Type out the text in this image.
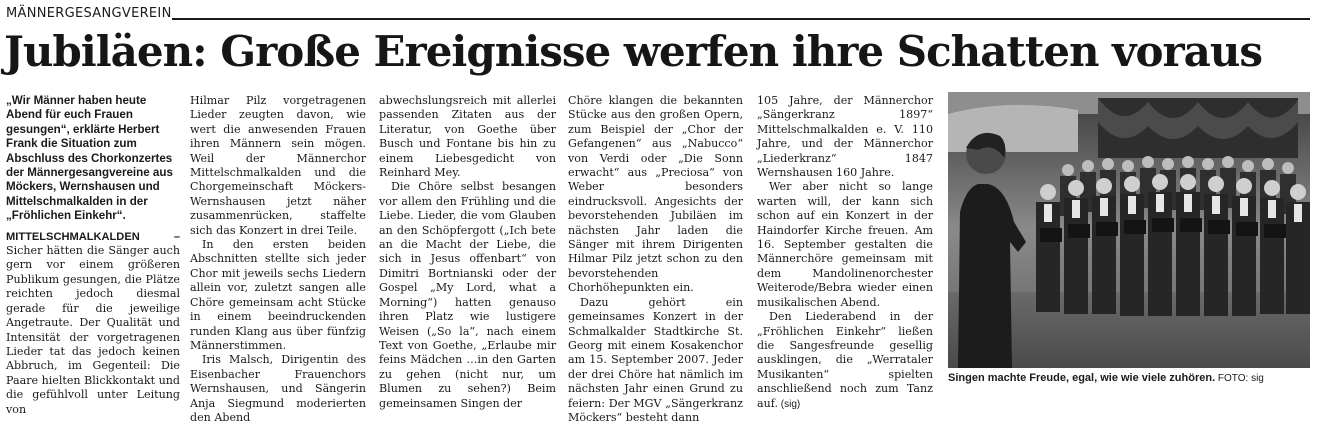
MÄNNERGESANGVEREIN
Jubiläen: Große Ereignisse werfen ihre Schatten voraus

„Wir Männer haben heute Abend für euch Frauen gesungen“, erklärte Herbert Frank die Situation zum Abschluss des Chorkonzertes der Männergesangvereine aus Möckers, Wernshausen und Mittelschmalkalden in der „Fröhlichen Einkehr“.

MITTELSCHMALKALDEN – Sicher hätten die Sänger auch gern vor einem größeren Publikum gesungen, die Plätze reichten jedoch diesmal gerade für die jeweilige Angetraute. Der Qualität und Intensität der vorgetragenen Lieder tat das jedoch keinen Abbruch, im Gegenteil: Die Paare hielten Blickkontakt und die gefühlvoll unter Leitung von

Hilmar Pilz vorgetragenen Lieder zeugten davon, wie wert die anwesenden Frauen ihren Männern sein mögen. Weil der Männerchor Mittelschmalkalden und die Chorgemeinschaft Möckers-Wernshausen jetzt näher zusammenrücken, staffelte sich das Konzert in drei Teile.

In den ersten beiden Abschnitten stellte sich jeder Chor mit jeweils sechs Liedern allein vor, zuletzt sangen alle Chöre gemeinsam acht Stücke in einem beeindruckenden runden Klang aus über fünfzig Männerstimmen.

Iris Malsch, Dirigentin des Eisenbacher Frauenchors Wernshausen, und Sängerin Anja Siegmund moderierten den Abend

abwechslungsreich mit allerlei passenden Zitaten aus der Literatur, von Goethe über Busch und Fontane bis hin zu einem Liebesgedicht von Reinhard Mey.

Die Chöre selbst besangen vor allem den Frühling und die Liebe. Lieder, die vom Glauben an den Schöpfergott („Ich bete an die Macht der Liebe, die sich in Jesus offenbart“ von Dimitri Bortnianski oder der Gospel „My Lord, what a Morning“) hatten genauso ihren Platz wie lustigere Weisen („So la“, nach einem Text von Goethe, „Erlaube mir feins Mädchen …in den Garten zu gehen (nicht nur, um Blumen zu sehen?) Beim gemeinsamen Singen der

Chöre klangen die bekannten Stücke aus den großen Opern, zum Beispiel der „Chor der Gefangenen“ aus „Nabucco“ von Verdi oder „Die Sonn erwacht“ aus „Preciosa“ von Weber besonders eindrucksvoll. Angesichts der bevorstehenden Jubiläen im nächsten Jahr laden die Sänger mit ihrem Dirigenten Hilmar Pilz jetzt schon zu den bevorstehenden Chorhöhepunkten ein.

Dazu gehört ein gemeinsames Konzert in der Schmalkalder Stadtkirche St. Georg mit einem Kosakenchor am 15. September 2007. Jeder der drei Chöre hat nämlich im nächsten Jahr einen Grund zu feiern: Der MGV „Sängerkranz Möckers“ besteht dann

105 Jahre, der Männerchor „Sängerkranz 1897“ Mittelschmalkalden e. V. 110 Jahre, und der Männerchor „Liederkranz“ 1847 Wernshausen 160 Jahre.

Wer aber nicht so lange warten will, der kann sich schon auf ein Konzert in der Haindorfer Kirche freuen. Am 16. September gestalten die Männerchöre gemeinsam mit dem Mandolinenorchester Weiterode/Bebra wieder einen musikalischen Abend.

Den Liederabend in der „Fröhlichen Einkehr“ ließen die Sangesfreunde gesellig ausklingen, die „Werrataler Musikanten“ spielten anschließend noch zum Tanz auf. (sig)

Singen machte Freude, egal, wie wie viele zuhören. FOTO: sig
